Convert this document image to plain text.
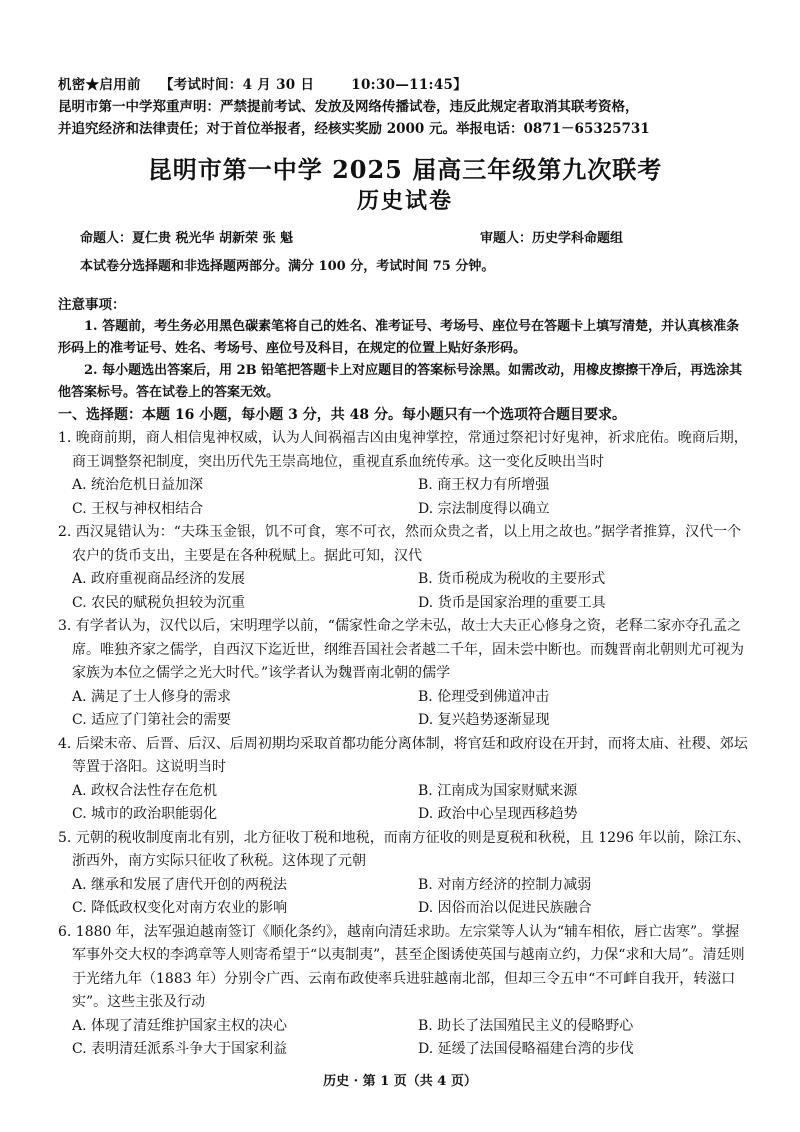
机密★启用前 【考试时间：4 月 30 日	10:30—11:45】
昆明市第一中学郑重声明：严禁提前考试、发放及网络传播试卷，违反此规定者取消其联考资格，
并追究经济和法律责任；对于首位举报者，经核实奖励 2000 元。举报电话：0871－65325731
昆明市第一中学 2025 届高三年级第九次联考
历史试卷
命题人：夏仁贵 税光华 胡新荣 张 魁	审题人：历史学科命题组
本试卷分选择题和非选择题两部分。满分 100 分，考试时间 75 分钟。
注意事项：
1. 答题前，考生务必用黑色碳素笔将自己的姓名、准考证号、考场号、座位号在答题卡上填写清楚，并认真核准条形码上的准考证号、姓名、考场号、座位号及科目，在规定的位置上贴好条形码。
2. 每小题选出答案后，用 2B 铅笔把答题卡上对应题目的答案标号涂黑。如需改动，用橡皮擦擦干净后，再选涂其他答案标号。答在试卷上的答案无效。
一、选择题：本题 16 小题，每小题 3 分，共 48 分。每小题只有一个选项符合题目要求。
1. 晚商前期，商人相信鬼神权威，认为人间祸福吉凶由鬼神掌控，常通过祭祀讨好鬼神，祈求庇佑。晚商后期，商王调整祭祀制度，突出历代先王崇高地位，重视直系血统传承。这一变化反映出当时
A. 统治危机日益加深	B. 商王权力有所增强
C. 王权与神权相结合	D. 宗法制度得以确立
2. 西汉晁错认为：“夫珠玉金银，饥不可食，寒不可衣，然而众贵之者，以上用之故也。”据学者推算，汉代一个农户的货币支出，主要是在各种税赋上。据此可知，汉代
A. 政府重视商品经济的发展	B. 货币税成为税收的主要形式
C. 农民的赋税负担较为沉重	D. 货币是国家治理的重要工具
3. 有学者认为，汉代以后，宋明理学以前，“儒家性命之学未弘，故士大夫正心修身之资，老释二家亦夺孔孟之席。唯独齐家之儒学，自西汉下迄近世，纲维吾国社会者越二千年，固未尝中断也。而魏晋南北朝则尤可视为家族为本位之儒学之光大时代。”该学者认为魏晋南北朝的儒学
A. 满足了士人修身的需求	B. 伦理受到佛道冲击
C. 适应了门第社会的需要	D. 复兴趋势逐渐显现
4. 后梁末帝、后晋、后汉、后周初期均采取首都功能分离体制，将官廷和政府设在开封，而将太庙、社稷、郊坛等置于洛阳。这说明当时
A. 政权合法性存在危机	B. 江南成为国家财赋来源
C. 城市的政治职能弱化	D. 政治中心呈现西移趋势
5. 元朝的税收制度南北有别，北方征收丁税和地税，而南方征收的则是夏税和秋税，且 1296 年以前，除江东、浙西外，南方实际只征收了秋税。这体现了元朝
A. 继承和发展了唐代开创的两税法	B. 对南方经济的控制力减弱
C. 降低政权变化对南方农业的影响	D. 因俗而治以促进民族融合
6. 1880 年，法军强迫越南签订《顺化条约》，越南向清廷求助。左宗棠等人认为“辅车相依，唇亡齿寒”。掌握军事外交大权的李鸿章等人则寄希望于“以夷制夷”，甚至企图诱使英国与越南立约，力保“求和大局”。清廷则于光绪九年（1883 年）分别令广西、云南布政使率兵进驻越南北部，但却三令五申“不可衅自我开，转滋口实”。这些主张及行动
A. 体现了清廷维护国家主权的决心	B. 助长了法国殖民主义的侵略野心
C. 表明清廷派系斗争大于国家利益	D. 延缓了法国侵略福建台湾的步伐
历史 · 第 1 页（共 4 页）
